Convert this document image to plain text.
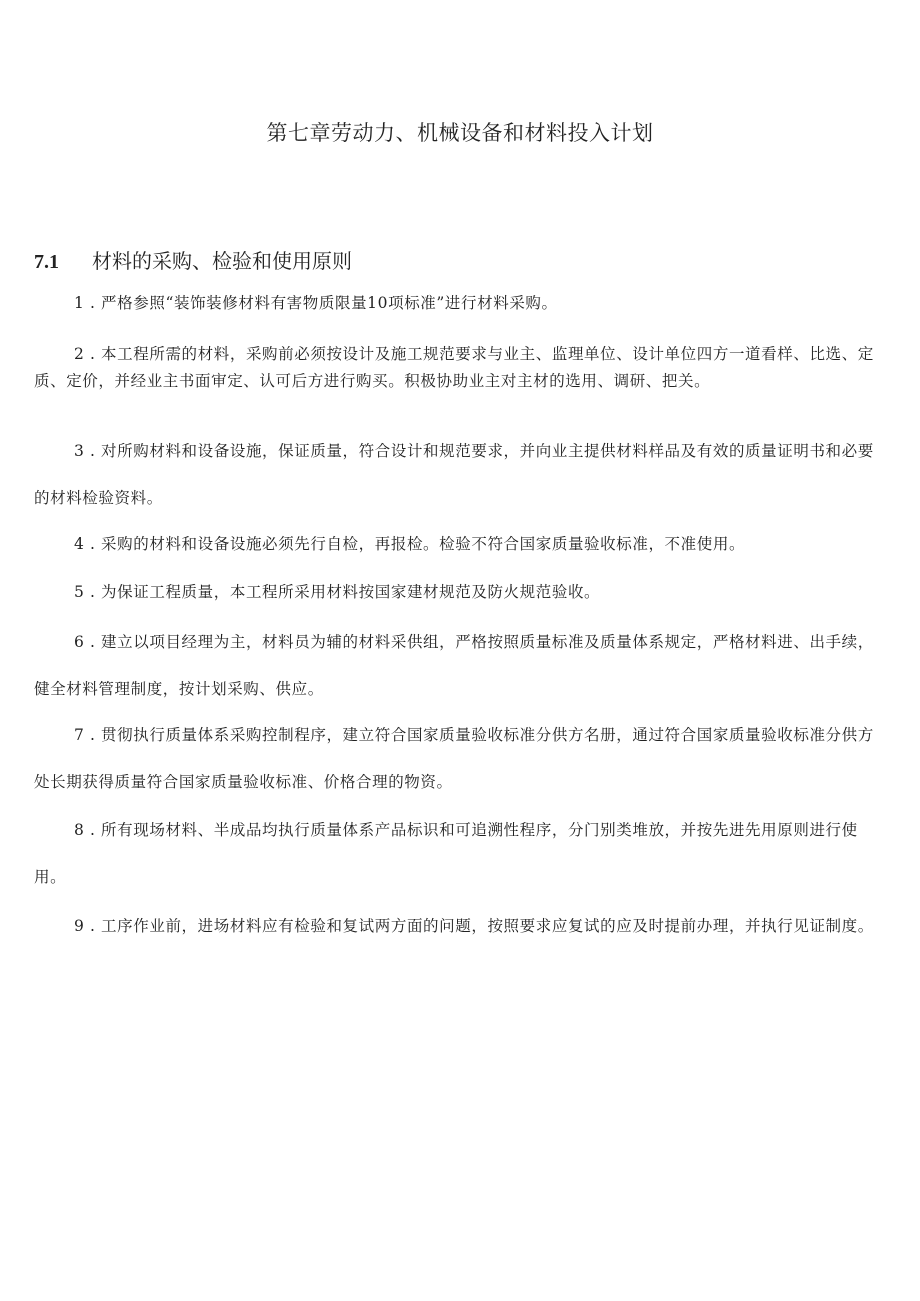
第七章劳动力、机械设备和材料投入计划
7.1 材料的采购、检验和使用原则

1 . 严格参照“装饰装修材料有害物质限量10项标准”进行材料采购。

2 . 本工程所需的材料，采购前必须按设计及施工规范要求与业主、监理单位、设计单位四方一道看样、比选、定质、定价，并经业主书面审定、认可后方进行购买。积极协助业主对主材的选用、调研、把关。

3 . 对所购材料和设备设施，保证质量，符合设计和规范要求，并向业主提供材料样品及有效的质量证明书和必要的材料检验资料。

4 . 采购的材料和设备设施必须先行自检，再报检。检验不符合国家质量验收标准，不准使用。

5 . 为保证工程质量，本工程所采用材料按国家建材规范及防火规范验收。

6 . 建立以项目经理为主，材料员为辅的材料采供组，严格按照质量标准及质量体系规定，严格材料进、出手续，健全材料管理制度，按计划采购、供应。

7 . 贯彻执行质量体系采购控制程序，建立符合国家质量验收标准分供方名册，通过符合国家质量验收标准分供方处长期获得质量符合国家质量验收标准、价格合理的物资。

8 . 所有现场材料、半成品均执行质量体系产品标识和可追溯性程序，分门别类堆放，并按先进先用原则进行使用。

9 . 工序作业前，进场材料应有检验和复试两方面的问题，按照要求应复试的应及时提前办理，并执行见证制度。
